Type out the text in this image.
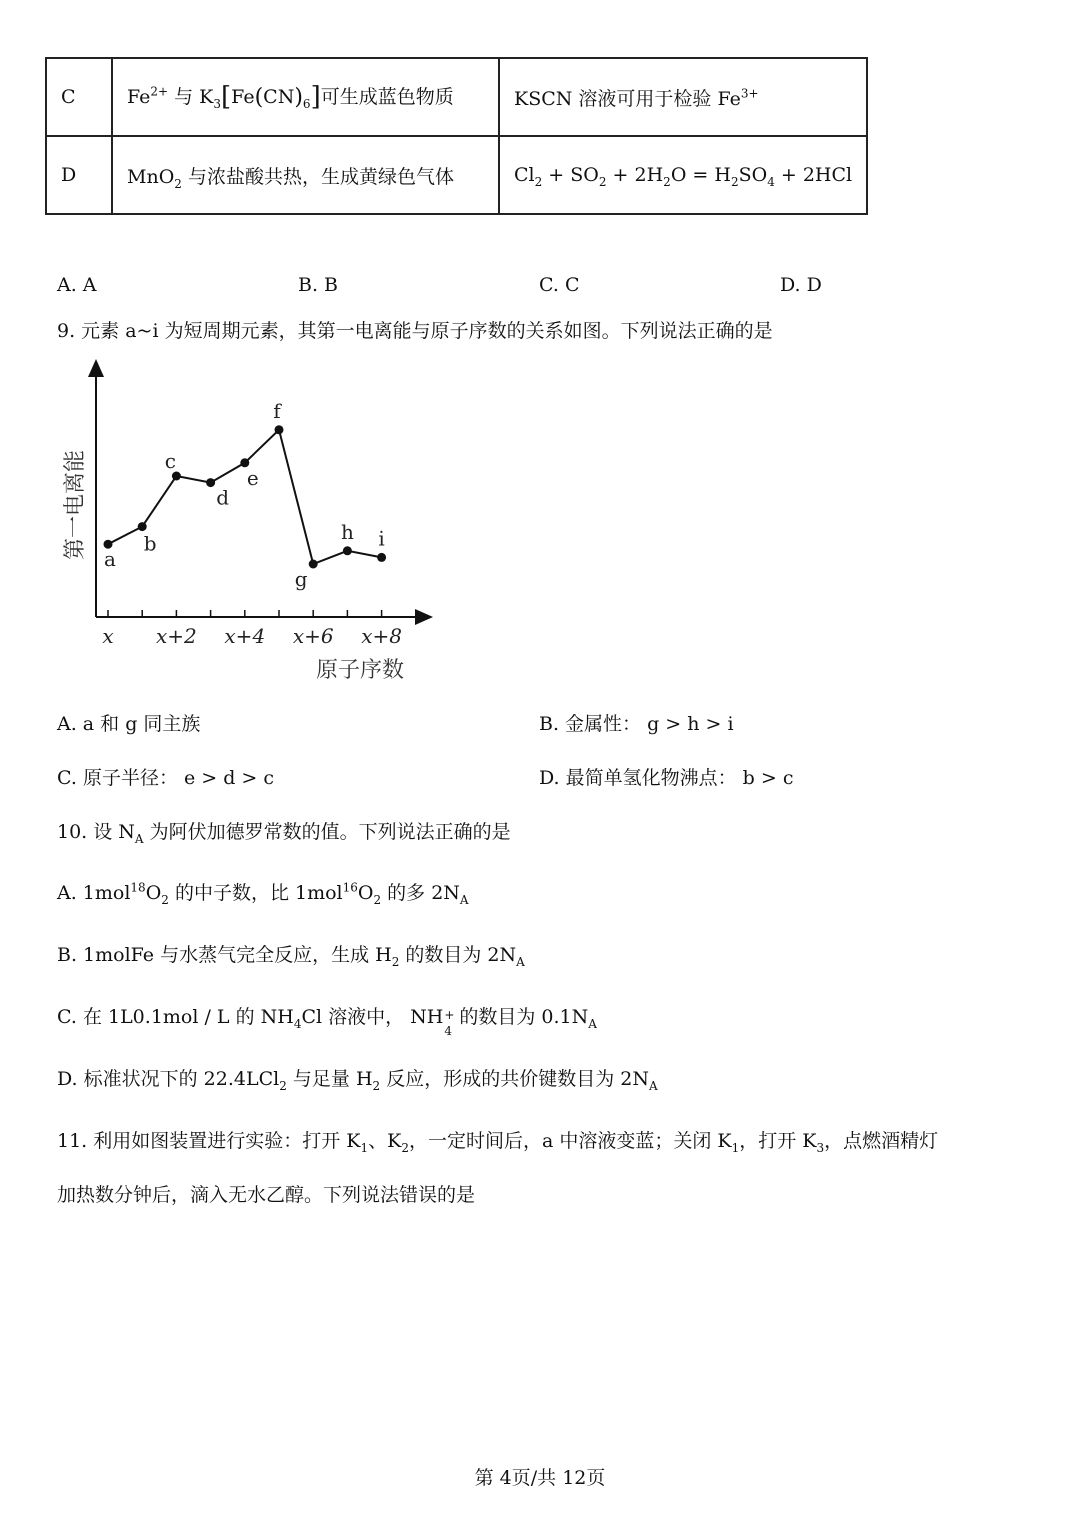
C	$Fe^{2+}$ 与 $K_3[Fe(CN)_6]$可生成蓝色物质	KSCN 溶液可用于检验 $Fe^{3+}$
D	MnO$_2$ 与浓盐酸共热，生成黄绿色气体	$Cl_2 + SO_2 + 2H_2O = H_2SO_4 + 2HCl$
A. A	B. B	C. C	D. D
9. 元素 a~i 为短周期元素，其第一电离能与原子序数的关系如图。下列说法正确的是
第一电离能
原子序数
x x+2 x+4 x+6 x+8
a
b
c
d
e
f
g
h i
A. a 和 g 同主族	B. 金属性： g > h > i
C. 原子半径： e > d > c	D. 最简单氢化物沸点： b > c
10. 设 $N_A$ 为阿伏加德罗常数的值。下列说法正确的是
A. $1mol^{18}O_2$ 的中子数，比 $1mol^{16}O_2$ 的多 $2N_A$
B. 1molFe 与水蒸气完全反应，生成 $H_2$ 的数目为 $2N_A$
C. 在 1L0.1mol / L 的 $NH_4Cl$ 溶液中， NH +
4
的数目为 $0.1N_A$
D. 标准状况下的 22.4LCl$_2$ 与足量 $H_2$ 反应，形成的共价键数目为 $2N_A$
11. 利用如图装置进行实验：打开 $K_1$、$K_2$，一定时间后，a 中溶液变蓝；关闭 $K_1$，打开 $K_3$，点燃酒精灯
加热数分钟后，滴入无水乙醇。下列说法错误的是
第 4页/共 12页
